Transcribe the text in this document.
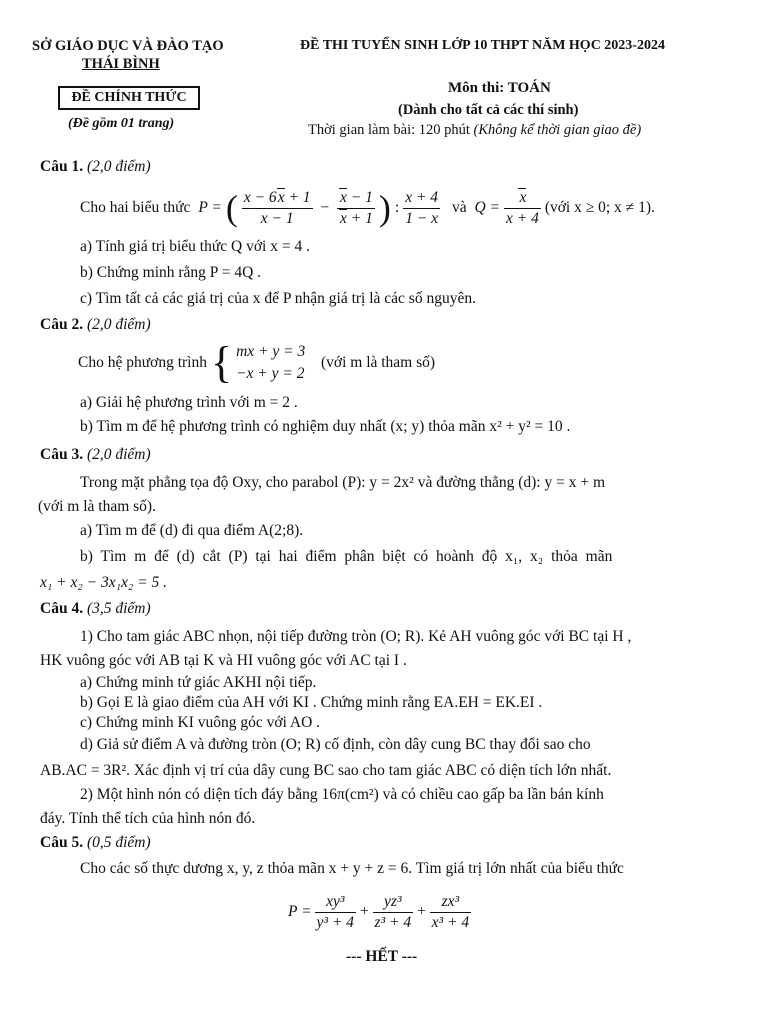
SỞ GIÁO DỤC VÀ ĐÀO TẠO
THÁI BÌNH
ĐỀ CHÍNH THỨC
(Đề gồm 01 trang)
ĐỀ THI TUYỂN SINH LỚP 10 THPT NĂM HỌC 2023-2024
Môn thi: TOÁN
(Dành cho tất cả các thí sinh)
Thời gian làm bài: 120 phút (Không kể thời gian giao đề)
Câu 1. (2,0 điểm)
Cho hai biểu thức P = ( $\frac{x - 6x + 1}{x - 1} - \frac{x - 1}{x + 1}$ ) : $\frac{x + 4}{1 - x}$
và $Q = \frac{x}{x + 4}$ (với x ≥ 0; x ≠ 1).
a) Tính giá trị biểu thức Q với x = 4 .
b) Chứng minh rằng P = 4Q .
c) Tìm tất cả các giá trị của x để P nhận giá trị là các số nguyên.
Câu 2. (2,0 điểm)
Cho hệ phương trình { mx + y = 3
−x + y = 2

(với m là tham số)
a) Giải hệ phương trình với m = 2 .
b) Tìm m để hệ phương trình có nghiệm duy nhất (x; y) thỏa mãn x² + y² = 10 .
Câu 3. (2,0 điểm)
Trong mặt phẳng tọa độ Oxy, cho parabol (P): y = 2x² và đường thẳng (d): y = x + m
(với m là tham số).
a) Tìm m để (d) đi qua điểm A(2;8).
b) Tìm m để (d) cắt (P) tại hai điểm phân biệt có hoành độ x₁, x₂ thỏa mãn
x₁ + x₂ − 3x₁x₂ = 5 .
Câu 4. (3,5 điểm)
1) Cho tam giác ABC nhọn, nội tiếp đường tròn (O; R). Kẻ AH vuông góc với BC tại H ,
HK vuông góc với AB tại K và HI vuông góc với AC tại I .
a) Chứng minh tứ giác AKHI nội tiếp.
b) Gọi E là giao điểm của AH với KI . Chứng minh rằng EA.EH = EK.EI .
c) Chứng minh KI vuông góc với AO .
d) Giả sử điểm A và đường tròn (O; R) cố định, còn dây cung BC thay đổi sao cho
AB.AC = 3R². Xác định vị trí của dây cung BC sao cho tam giác ABC có diện tích lớn nhất.
2) Một hình nón có diện tích đáy bằng 16π(cm²) và có chiều cao gấp ba lần bán kính
đáy. Tính thể tích của hình nón đó.
Câu 5. (0,5 điểm)
Cho các số thực dương x, y, z thỏa mãn x + y + z = 6. Tìm giá trị lớn nhất của biểu thức
$P = \frac{\text{xy³}}{\text{y³ + 4}} + \frac{\text{yz³}}{\text{z³ + 4}} + \frac{\text{zx³}}{\text{x³ + 4}}$
--- HẾT ---
